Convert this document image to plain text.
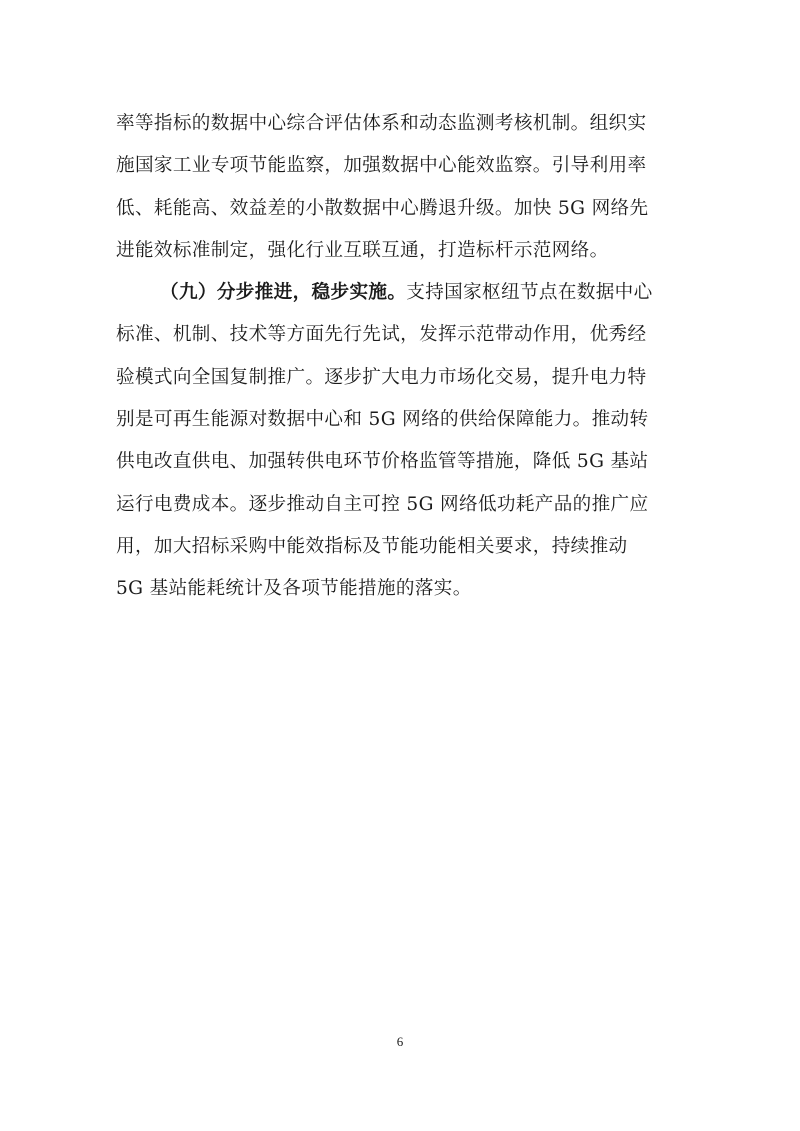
率等指标的数据中心综合评估体系和动态监测考核机制。组织实
施国家工业专项节能监察，加强数据中心能效监察。引导利用率
低、耗能高、效益差的小散数据中心腾退升级。加快 5G 网络先
进能效标准制定，强化行业互联互通，打造标杆示范网络。
（九）分步推进，稳步实施。支持国家枢纽节点在数据中心
标准、机制、技术等方面先行先试，发挥示范带动作用，优秀经
验模式向全国复制推广。逐步扩大电力市场化交易，提升电力特
别是可再生能源对数据中心和 5G 网络的供给保障能力。推动转
供电改直供电、加强转供电环节价格监管等措施，降低 5G 基站
运行电费成本。逐步推动自主可控 5G 网络低功耗产品的推广应
用，加大招标采购中能效指标及节能功能相关要求，持续推动
5G 基站能耗统计及各项节能措施的落实。
6
